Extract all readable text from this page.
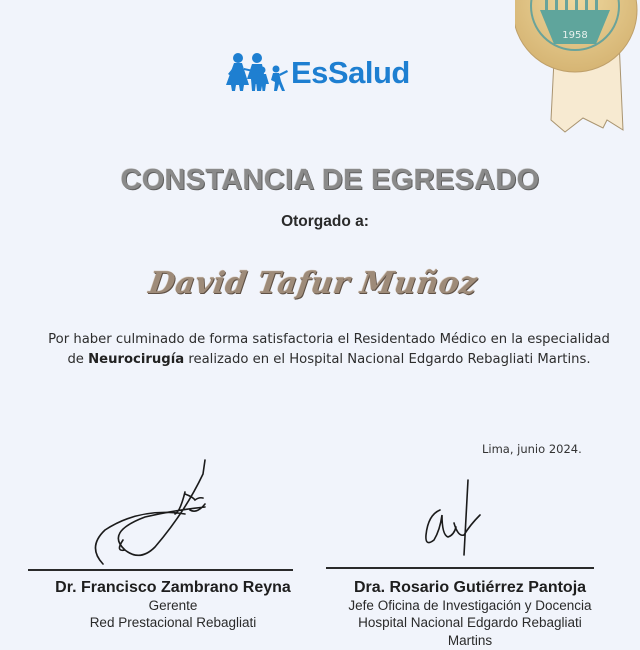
EsSalud
1958
CONSTANCIA DE EGRESADO
Otorgado a:
David Tafur Muñoz
Por haber culminado de forma satisfactoria el Residentado Médico en la especialidad de Neurocirugía realizado en el Hospital Nacional Edgardo Rebagliati Martins.
Lima, junio 2024.
Dr. Francisco Zambrano Reyna
Gerente
Red Prestacional Rebagliati
Dra. Rosario Gutiérrez Pantoja
Jefe Oficina de Investigación y Docencia
Hospital Nacional Edgardo Rebagliati
Martins
